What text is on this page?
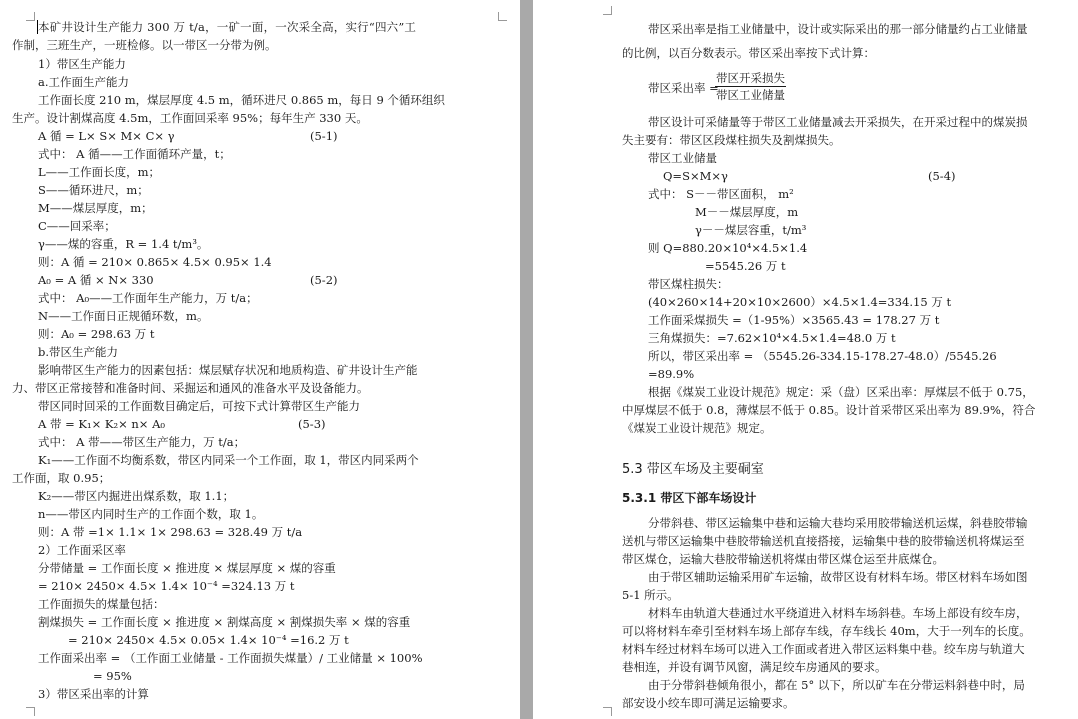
本矿井设计生产能力 300 万 t/a，一矿一面，一次采全高，实行“四六”工
作制，三班生产，一班检修。以一带区一分带为例。
1）带区生产能力
a.工作面生产能力
工作面长度 210 m，煤层厚度 4.5 m，循环进尺 0.865 m，每日 9 个循环组织
生产。设计割煤高度 4.5m，工作面回采率 95%；每年生产 330 天。
A 循 = L× S× M× C× γ	(5-1)
式中： A 循——工作面循环产量，t；
L——工作面长度，m；
S——循环进尺，m；
M——煤层厚度，m；
C——回采率；
γ——煤的容重，R = 1.4 t/m³。
则：A 循 = 210× 0.865× 4.5× 0.95× 1.4
A₀ = A 循 × N× 330	(5-2)
式中： A₀——工作面年生产能力，万 t/a；
N——工作面日正规循环数，m。
则：A₀ = 298.63 万 t
b.带区生产能力
影响带区生产能力的因素包括：煤层赋存状况和地质构造、矿井设计生产能
力、带区正常接替和准备时间、采掘运和通风的准备水平及设备能力。
带区同时回采的工作面数目确定后，可按下式计算带区生产能力
A 带 = K₁× K₂× n× A₀	(5-3)
式中： A 带——带区生产能力，万 t/a；
K₁——工作面不均衡系数，带区内同采一个工作面，取 1，带区内同采两个
工作面，取 0.95；
K₂——带区内掘进出煤系数，取 1.1；
n——带区内同时生产的工作面个数，取 1。
则：A 带 =1× 1.1× 1× 298.63 = 328.49 万 t/a
2）工作面采区率
分带储量 = 工作面长度 × 推进度 × 煤层厚度 × 煤的容重
= 210× 2450× 4.5× 1.4× 10⁻⁴ =324.13 万 t
工作面损失的煤量包括：
割煤损失 = 工作面长度 × 推进度 × 割煤高度 × 割煤损失率 × 煤的容重
= 210× 2450× 4.5× 0.05× 1.4× 10⁻⁴ =16.2 万 t
工作面采出率 = （工作面工业储量 - 工作面损失煤量）/ 工业储量 × 100%
= 95%
3）带区采出率的计算
带区采出率是指工业储量中，设计或实际采出的那一部分储量约占工业储量
的比例，以百分数表示。带区采出率按下式计算：
带区采出率 =
带区开采损失
带区工业储量
带区设计可采储量等于带区工业储量减去开采损失，在开采过程中的煤炭损
失主要有：带区区段煤柱损失及割煤损失。
带区工业储量
Q=S×M×γ	(5-4)
式中： S－－带区面积， m²
M－－煤层厚度，m
γ－－煤层容重，t/m³
则 Q=880.20×10⁴×4.5×1.4
=5545.26 万 t
带区煤柱损失：
(40×260×14+20×10×2600）×4.5×1.4=334.15 万 t
工作面采煤损失 =（1-95%）×3565.43 = 178.27 万 t
三角煤损失：=7.62×10⁴×4.5×1.4=48.0 万 t
所以，带区采出率 = （5545.26-334.15-178.27-48.0）/5545.26
=89.9%
根据《煤炭工业设计规范》规定：采（盘）区采出率：厚煤层不低于 0.75，
中厚煤层不低于 0.8，薄煤层不低于 0.85。设计首采带区采出率为 89.9%，符合
《煤炭工业设计规范》规定。
5.3 带区车场及主要硐室
5.3.1 带区下部车场设计
分带斜巷、带区运输集中巷和运输大巷均采用胶带输送机运煤，斜巷胶带输
送机与带区运输集中巷胶带输送机直接搭接，运输集中巷的胶带输送机将煤运至
带区煤仓，运输大巷胶带输送机将煤由带区煤仓运至井底煤仓。
由于带区辅助运输采用矿车运输，故带区设有材料车场。带区材料车场如图
5-1 所示。
材料车由轨道大巷通过水平绕道进入材料车场斜巷。车场上部设有绞车房，
可以将材料车牵引至材料车场上部存车线，存车线长 40m，大于一列车的长度。
材料车经过材料车场可以进入工作面或者进入带区运料集中巷。绞车房与轨道大
巷相连，并设有调节风窗，满足绞车房通风的要求。
由于分带斜巷倾角很小，都在 5° 以下，所以矿车在分带运料斜巷中时，局
部安设小绞车即可满足运输要求。
